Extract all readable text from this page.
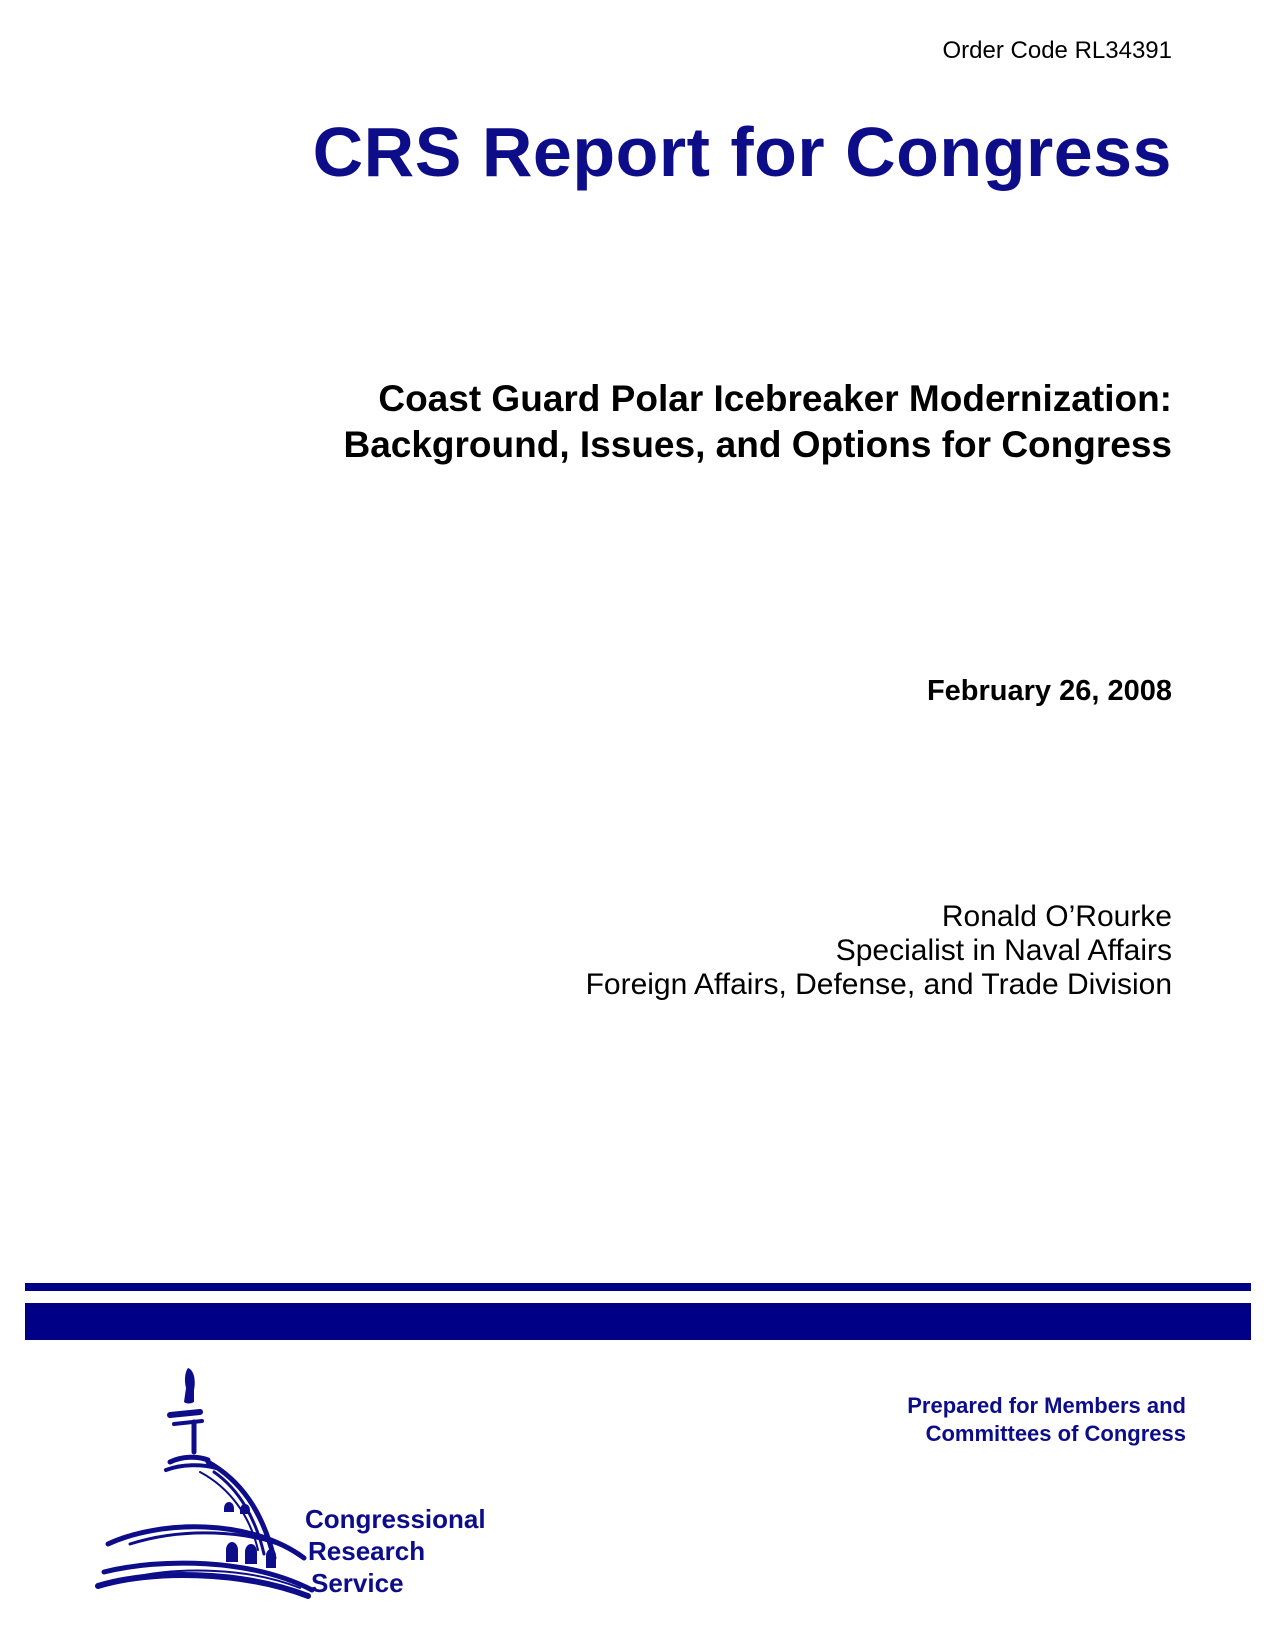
Order Code RL34391
CRS Report for Congress
Coast Guard Polar Icebreaker Modernization:
Background, Issues, and Options for Congress
February 26, 2008
Ronald O’Rourke
Specialist in Naval Affairs
Foreign Affairs, Defense, and Trade Division
Congressional
Research
Service
Prepared for Members and
Committees of Congress
